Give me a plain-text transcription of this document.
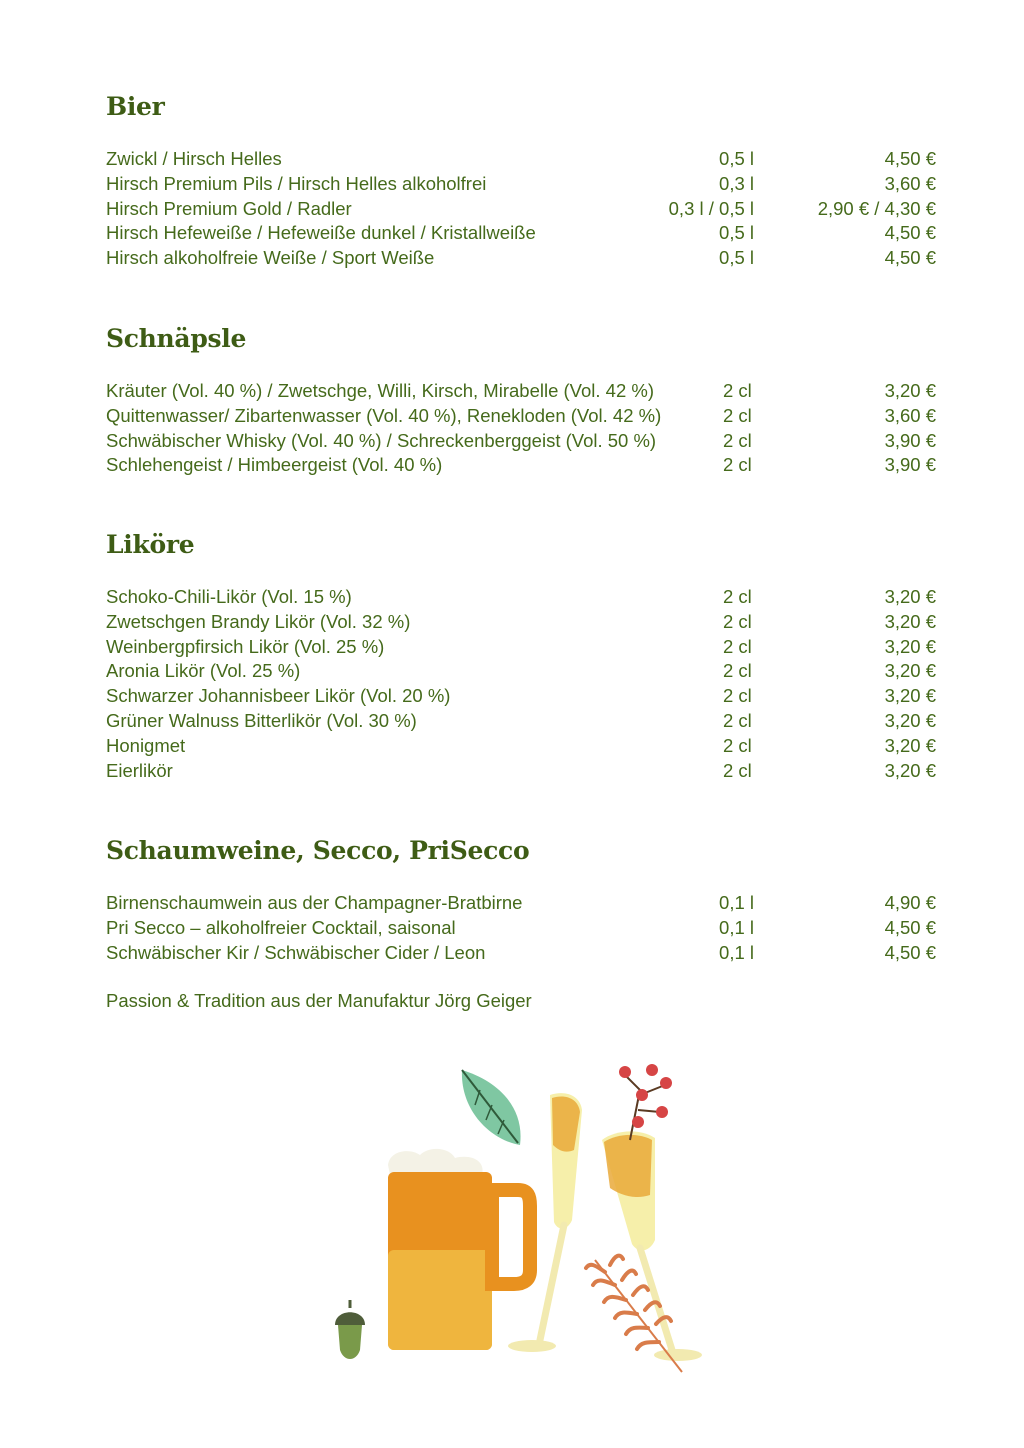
Bier
Zwickl / Hirsch Helles	0,5 l	4,50 €
Hirsch Premium Pils / Hirsch Helles alkoholfrei	0,3 l	3,60 €
Hirsch Premium Gold / Radler	0,3 l / 0,5 l	2,90 € / 4,30 €
Hirsch Hefeweiße / Hefeweiße dunkel / Kristallweiße	0,5 l	4,50 €
Hirsch alkoholfreie Weiße / Sport Weiße	0,5 l	4,50 €
Schnäpsle
Kräuter (Vol. 40 %) / Zwetschge, Willi, Kirsch, Mirabelle (Vol. 42 %)	2 cl	3,20 €
Quittenwasser/ Zibartenwasser (Vol. 40 %), Renekloden (Vol. 42 %)	2 cl	3,60 €
Schwäbischer Whisky (Vol. 40 %) / Schreckenberggeist (Vol. 50 %)	2 cl	3,90 €
Schlehengeist / Himbeergeist (Vol. 40 %)	2 cl	3,90 €
Liköre
Schoko-Chili-Likör (Vol. 15 %)	2 cl	3,20 €
Zwetschgen Brandy Likör (Vol. 32 %)	2 cl	3,20 €
Weinbergpfirsich Likör (Vol. 25 %)	2 cl	3,20 €
Aronia Likör (Vol. 25 %)	2 cl	3,20 €
Schwarzer Johannisbeer Likör (Vol. 20 %)	2 cl	3,20 €
Grüner Walnuss Bitterlikör (Vol. 30 %)	2 cl	3,20 €
Honigmet	2 cl	3,20 €
Eierlikör	2 cl	3,20 €
Schaumweine, Secco, PriSecco
Birnenschaumwein aus der Champagner-Bratbirne	0,1 l	4,90 €
Pri Secco – alkoholfreier Cocktail, saisonal	0,1 l	4,50 €
Schwäbischer Kir / Schwäbischer Cider / Leon	0,1 l	4,50 €
Passion & Tradition aus der Manufaktur Jörg Geiger
